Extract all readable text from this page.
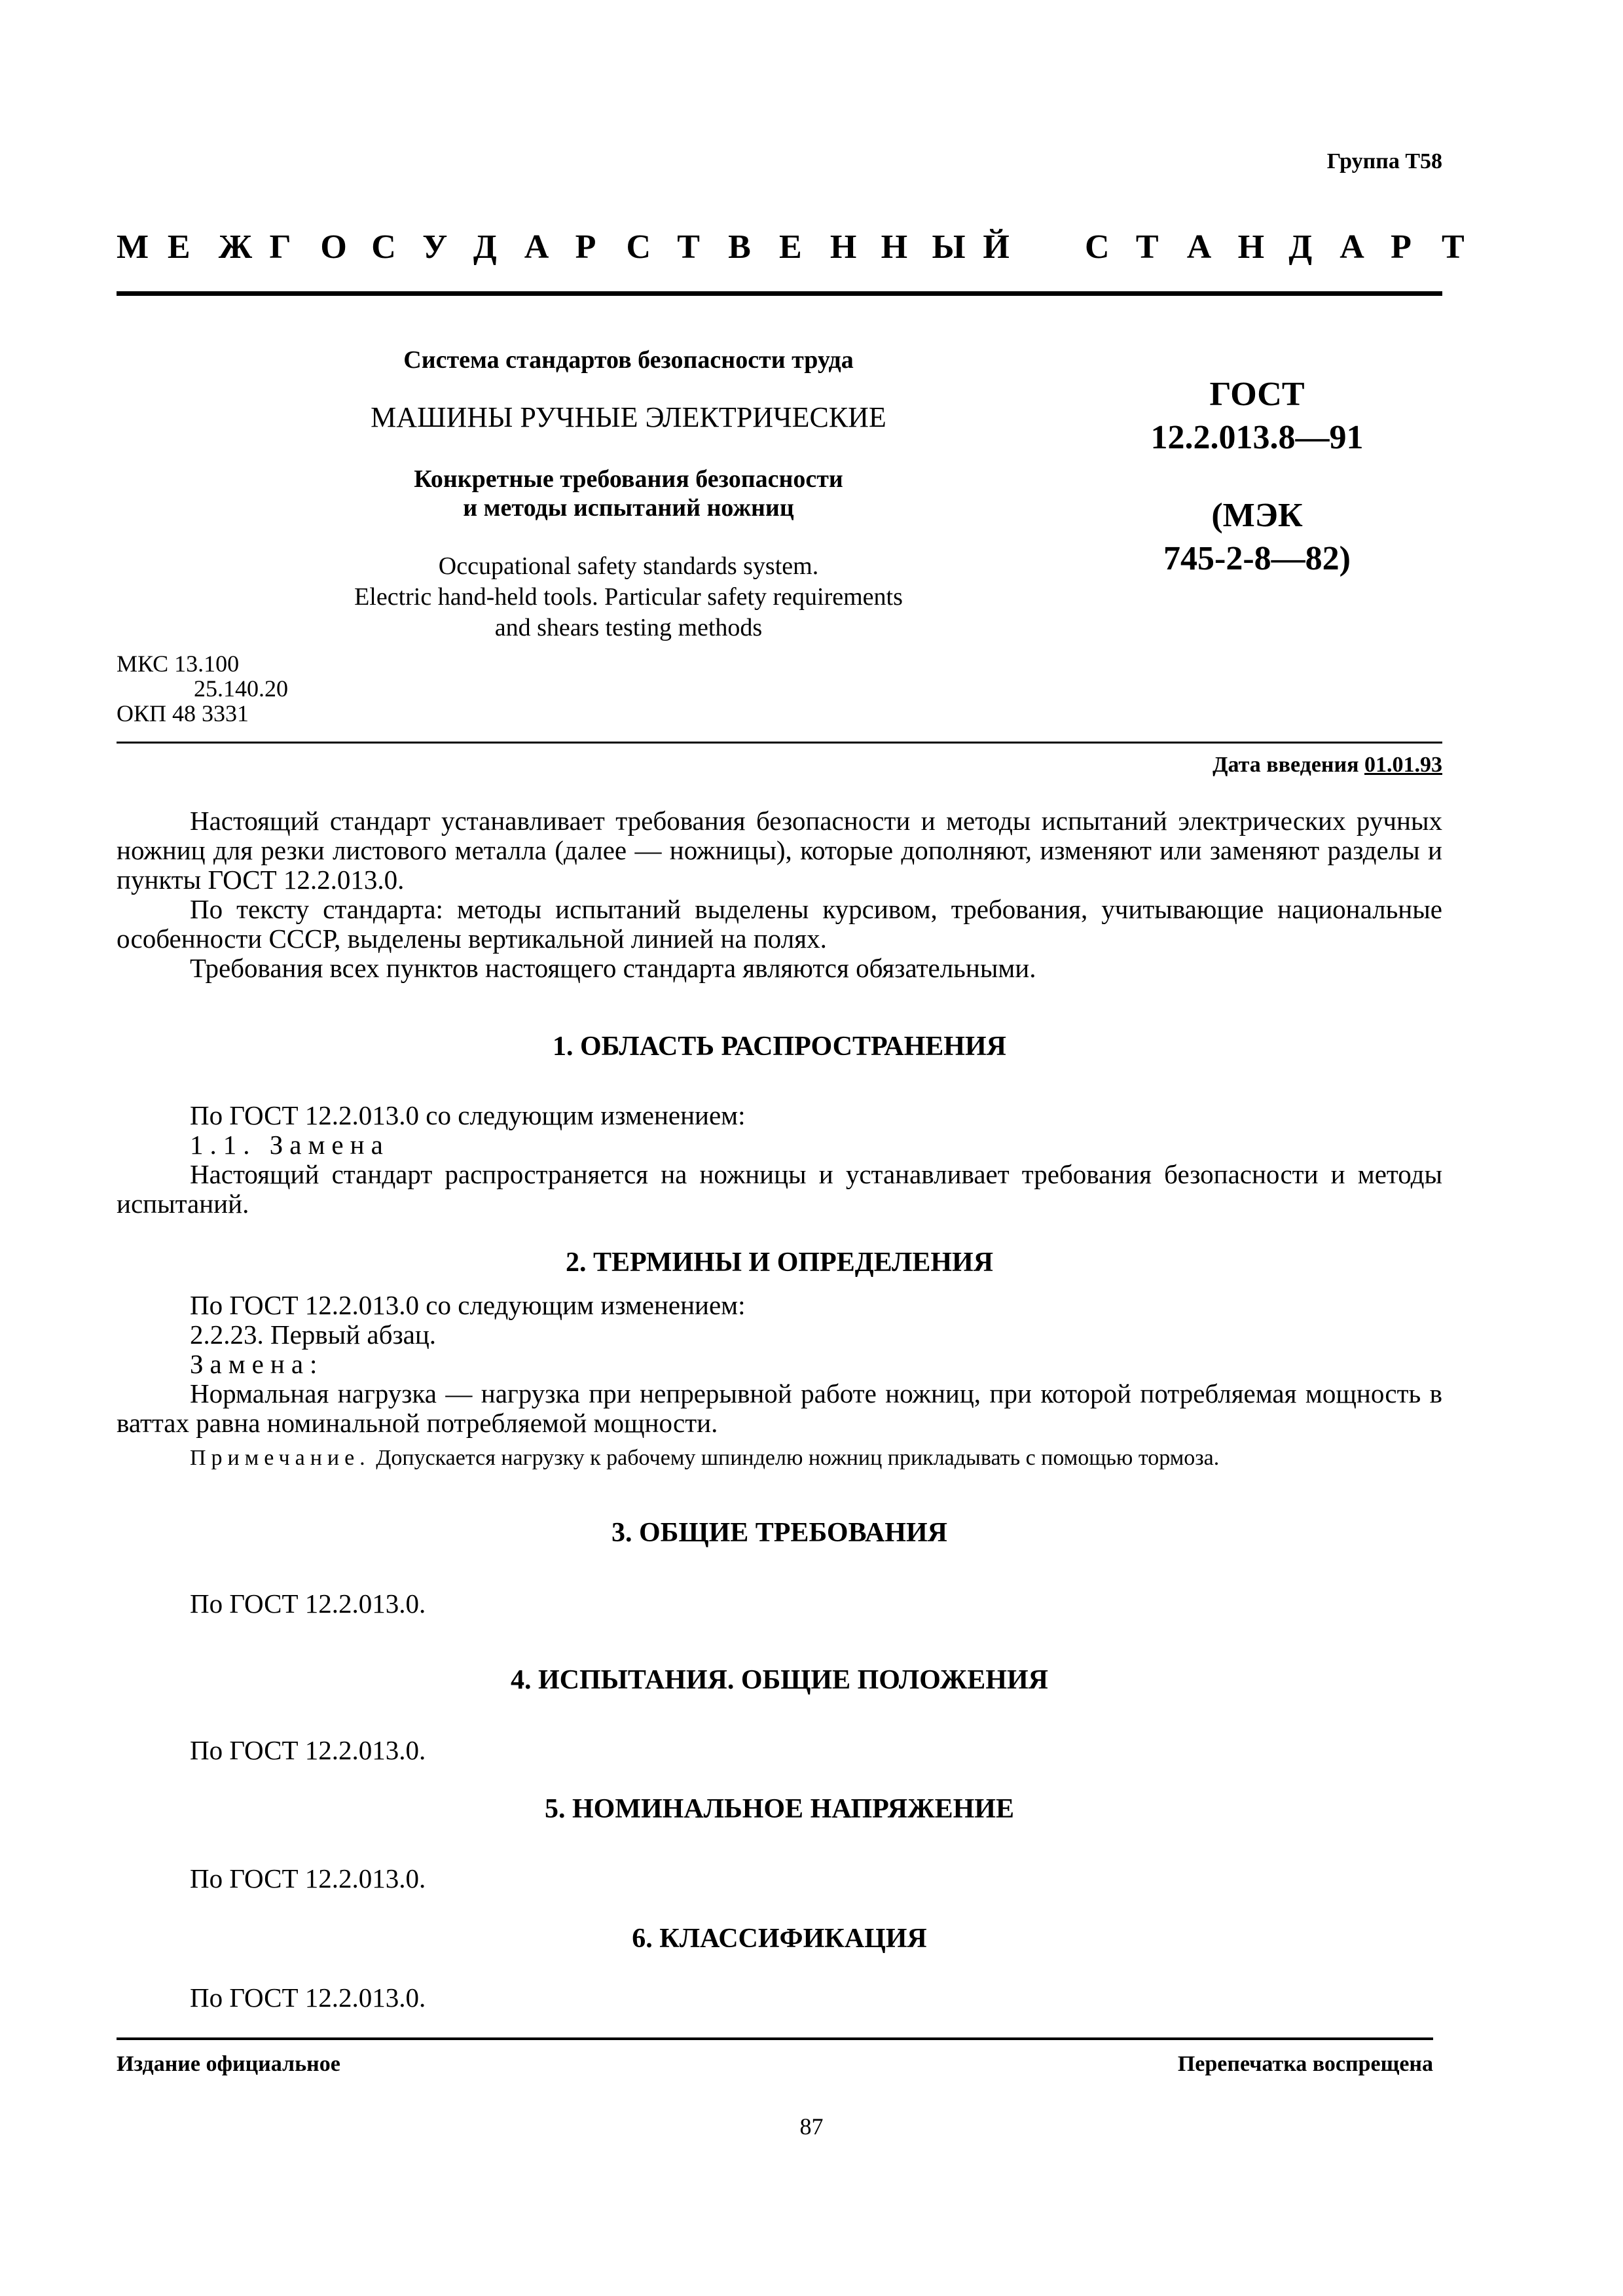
Группа Т58
М Е Ж Г О С У Д А Р С Т В Е Н Н Ы Й
С Т А Н Д А Р Т
Система стандартов безопасности труда
МАШИНЫ РУЧНЫЕ ЭЛЕКТРИЧЕСКИЕ
Конкретные требования безопасности
и методы испытаний ножниц
Occupational safety standards system.
Electric hand-held tools. Particular safety requirements
and shears testing methods
ГОСТ
12.2.013.8—91
(МЭК
745-2-8—82)
МКС 13.100
25.140.20
ОКП 48 3331
Дата введения 01.01.93
Настоящий стандарт устанавливает требования безопасности и методы испытаний электрических ручных ножниц для резки листового металла (далее — ножницы), которые дополняют, изменяют или заменяют разделы и пункты ГОСТ 12.2.013.0.
По тексту стандарта: методы испытаний выделены курсивом, требования, учитывающие национальные особенности СССР, выделены вертикальной линией на полях.
Требования всех пунктов настоящего стандарта являются обязательными.
1. ОБЛАСТЬ РАСПРОСТРАНЕНИЯ
По ГОСТ 12.2.013.0 со следующим изменением:
1.1. Замена
Настоящий стандарт распространяется на ножницы и устанавливает требования безопасности и методы испытаний.
2. ТЕРМИНЫ И ОПРЕДЕЛЕНИЯ
По ГОСТ 12.2.013.0 со следующим изменением:
2.2.23. Первый абзац.
Замена:
Нормальная нагрузка — нагрузка при непрерывной работе ножниц, при которой потребляемая мощность в ваттах равна номинальной потребляемой мощности.
Примечание. Допускается нагрузку к рабочему шпинделю ножниц прикладывать с помощью тормоза.
3. ОБЩИЕ ТРЕБОВАНИЯ
По ГОСТ 12.2.013.0.
4. ИСПЫТАНИЯ. ОБЩИЕ ПОЛОЖЕНИЯ
По ГОСТ 12.2.013.0.
5. НОМИНАЛЬНОЕ НАПРЯЖЕНИЕ
По ГОСТ 12.2.013.0.
6. КЛАССИФИКАЦИЯ
По ГОСТ 12.2.013.0.
Издание официальное	Перепечатка воспрещена
87
